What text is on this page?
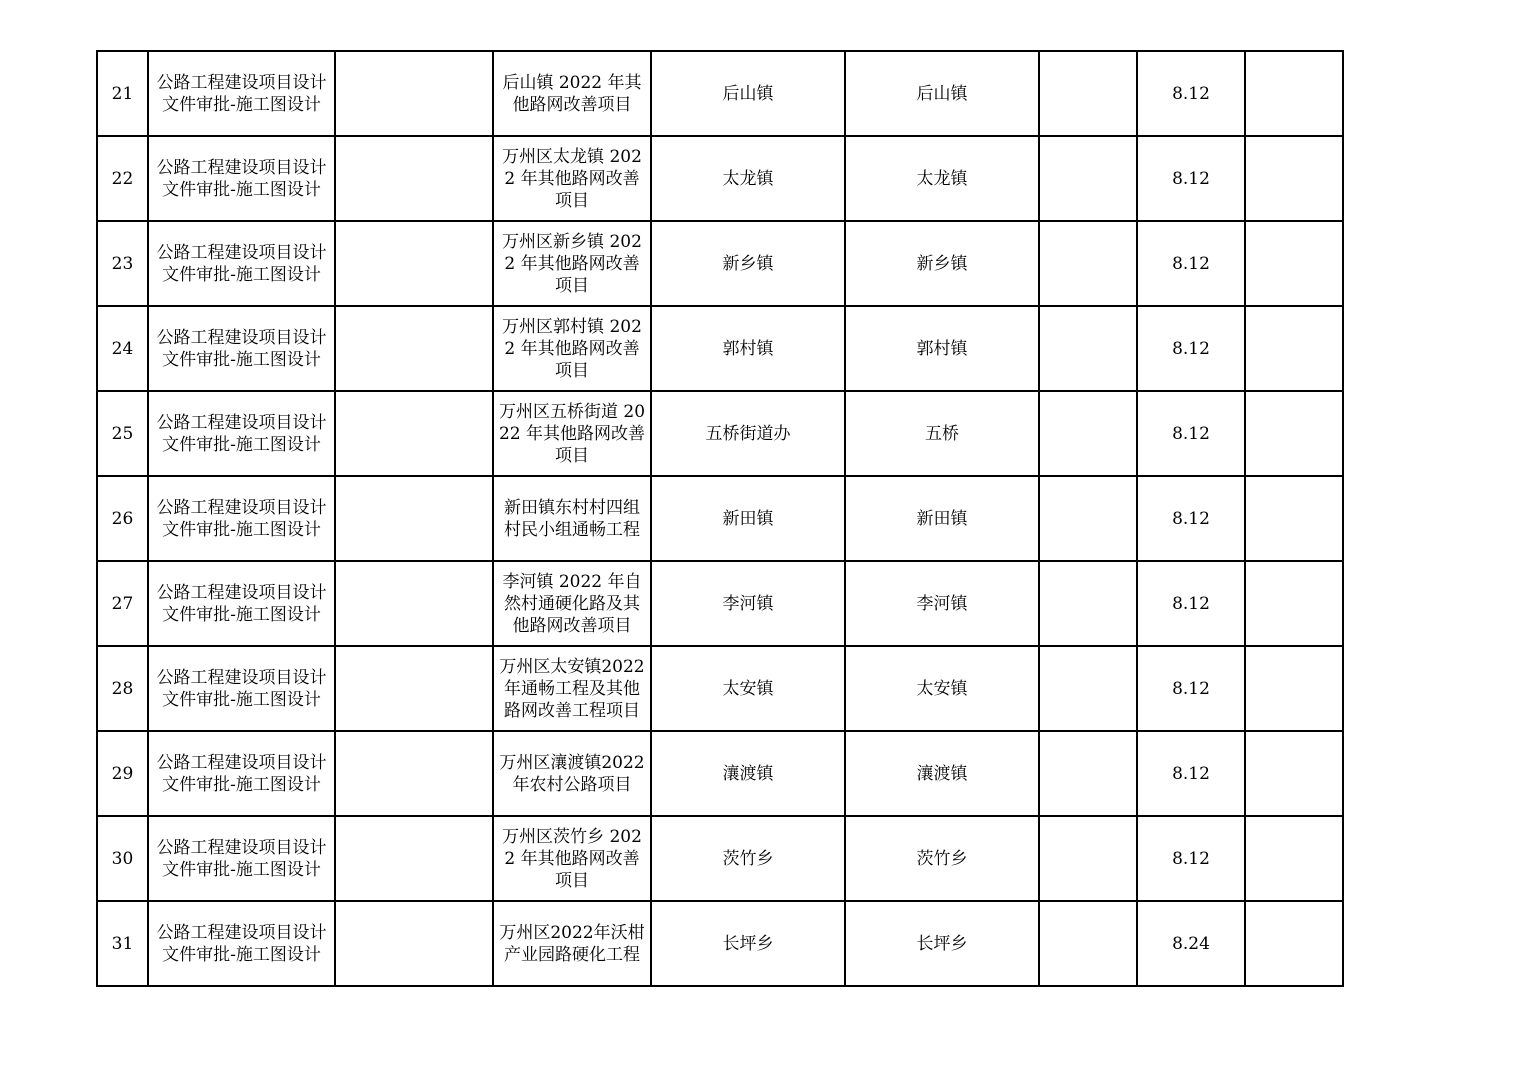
21	公路工程建设项目设计文件审批-施工图设计		后山镇 2022 年其他路网改善项目	后山镇	后山镇		8.12	
22	公路工程建设项目设计文件审批-施工图设计		万州区太龙镇 2022 年其他路网改善项目	太龙镇	太龙镇		8.12	
23	公路工程建设项目设计文件审批-施工图设计		万州区新乡镇 2022 年其他路网改善项目	新乡镇	新乡镇		8.12	
24	公路工程建设项目设计文件审批-施工图设计		万州区郭村镇 2022 年其他路网改善项目	郭村镇	郭村镇		8.12	
25	公路工程建设项目设计文件审批-施工图设计		万州区五桥街道 2022 年其他路网改善项目	五桥街道办	五桥		8.12	
26	公路工程建设项目设计文件审批-施工图设计		新田镇东村村四组村民小组通畅工程	新田镇	新田镇		8.12	
27	公路工程建设项目设计文件审批-施工图设计		李河镇 2022 年自然村通硬化路及其他路网改善项目	李河镇	李河镇		8.12	
28	公路工程建设项目设计文件审批-施工图设计		万州区太安镇2022年通畅工程及其他路网改善工程项目	太安镇	太安镇		8.12	
29	公路工程建设项目设计文件审批-施工图设计		万州区瀼渡镇2022年农村公路项目	瀼渡镇	瀼渡镇		8.12	
30	公路工程建设项目设计文件审批-施工图设计		万州区茨竹乡 2022 年其他路网改善项目	茨竹乡	茨竹乡		8.12	
31	公路工程建设项目设计文件审批-施工图设计		万州区2022年沃柑产业园路硬化工程	长坪乡	长坪乡		8.24	
